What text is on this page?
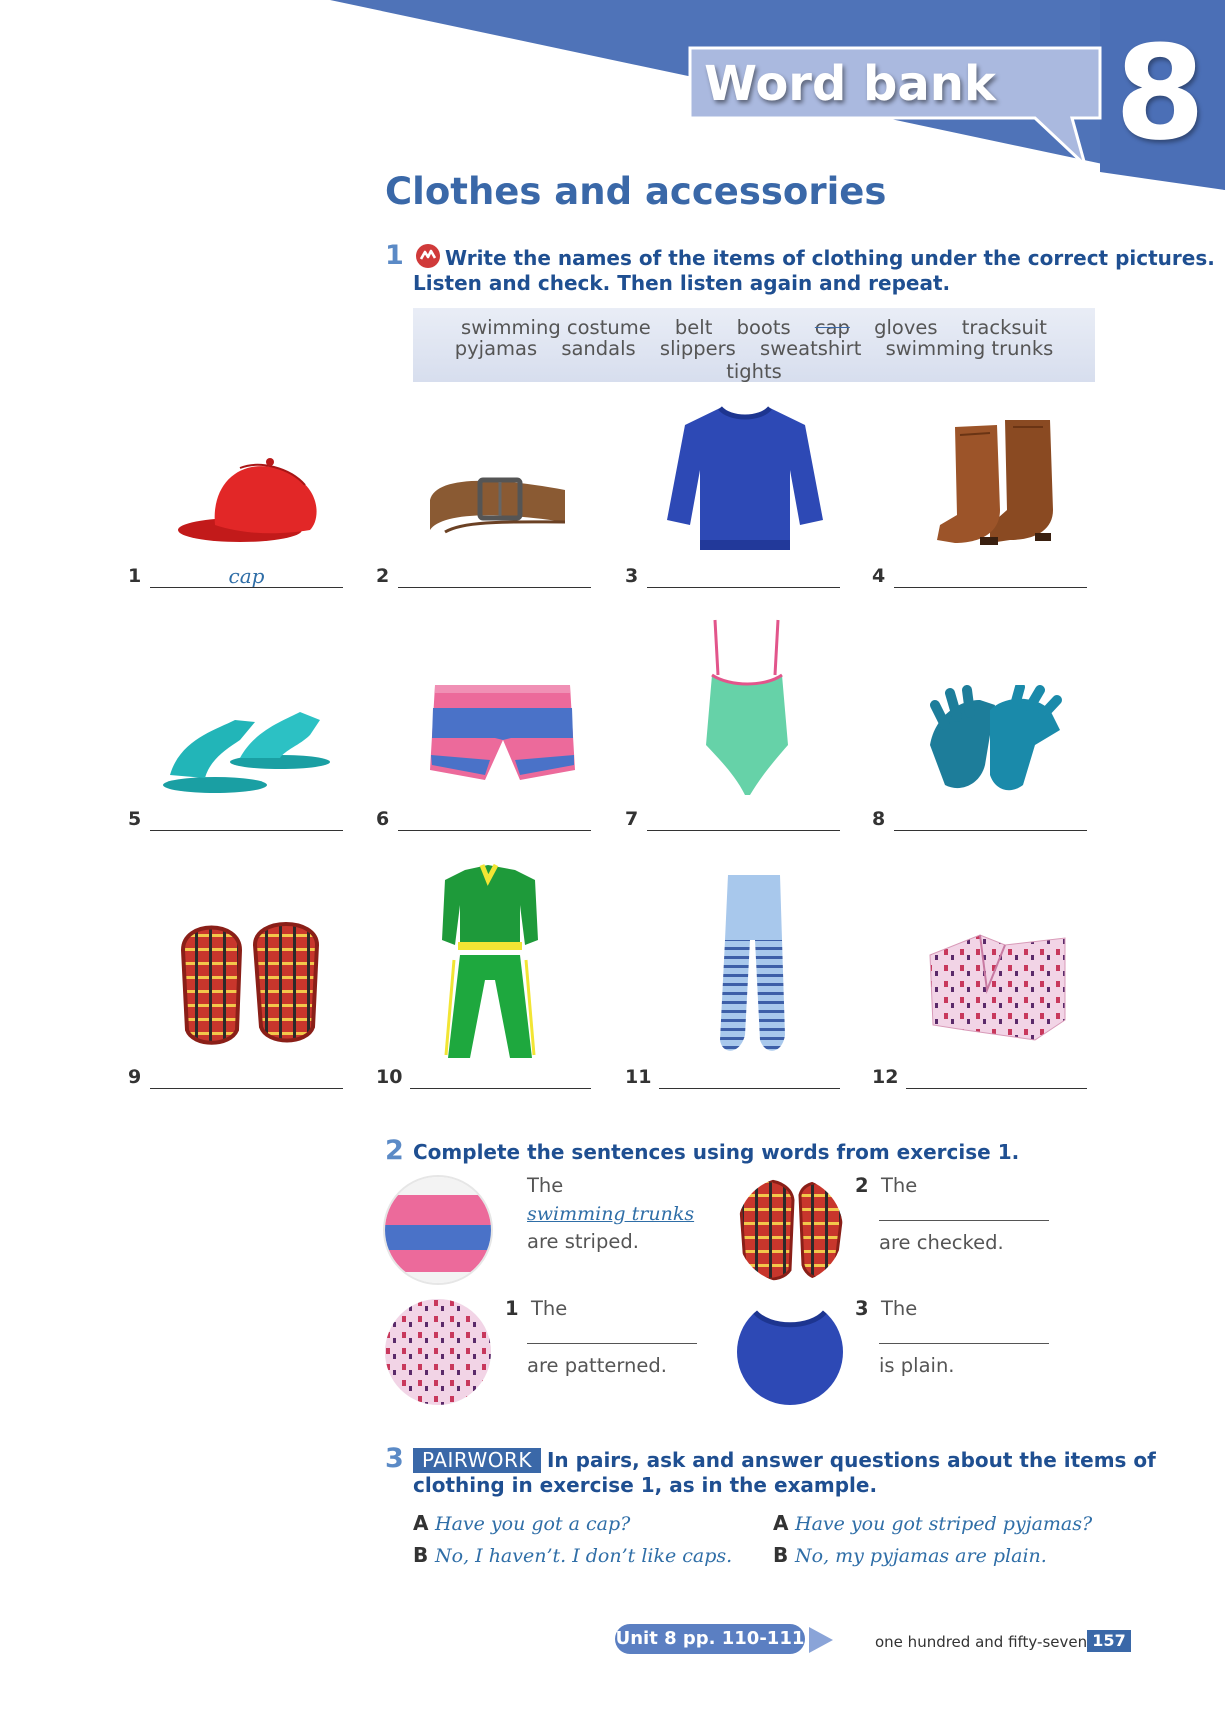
Word bank 8
Clothes and accessories
1 Write the names of the items of clothing under the correct pictures.
Listen and check. Then listen again and repeat.
swimming costume belt boots cap gloves tracksuit
pyjamas sandals slippers sweatshirt swimming trunks tights
1	cap	2	3	4
5	6	7	8
9	10	11	12
2 Complete the sentences using words from exercise 1.
The
swimming trunks
are striped.
2 The
are checked.
1 The
are patterned.
3 The
is plain.
3 PAIRWORK In pairs, ask and answer questions about the items of
clothing in exercise 1, as in the example.
A Have you got a cap?
B No, I haven’t. I don’t like caps.
A Have you got striped pyjamas?
B No, my pyjamas are plain.
Unit 8 pp. 110-111	one hundred and fifty-seven 157
